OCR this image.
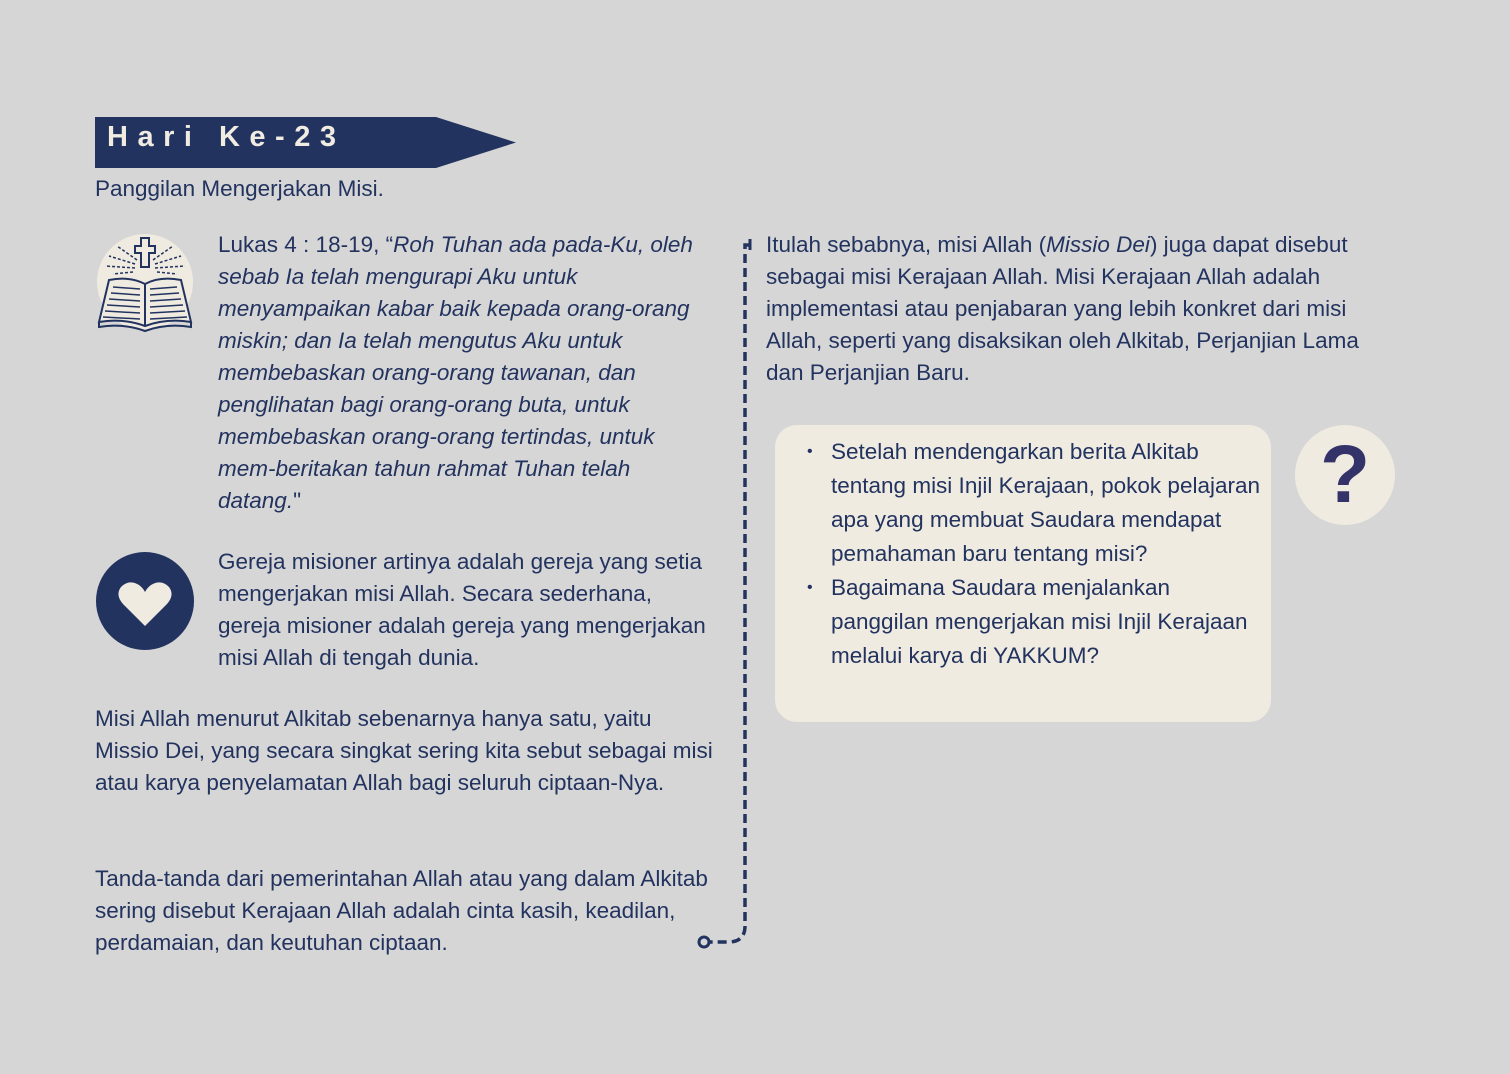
Hari Ke-23
Panggilan Mengerjakan Misi.
Lukas 4 : 18-19, “Roh Tuhan ada pada-Ku, oleh sebab Ia telah mengurapi Aku untuk menyampaikan kabar baik kepada orang-orang miskin; dan Ia telah mengutus Aku untuk membebaskan orang-orang tawanan, dan penglihatan bagi orang-orang buta, untuk membebaskan orang-orang tertindas, untuk mem-beritakan tahun rahmat Tuhan telah datang."
Gereja misioner artinya adalah gereja yang setia mengerjakan misi Allah. Secara sederhana, gereja misioner adalah gereja yang mengerjakan misi Allah di tengah dunia.
Misi Allah menurut Alkitab sebenarnya hanya satu, yaitu Missio Dei, yang secara singkat sering kita sebut sebagai misi atau karya penyelamatan Allah bagi seluruh ciptaan-Nya.
Tanda-tanda dari pemerintahan Allah atau yang dalam Alkitab sering disebut Kerajaan Allah adalah cinta kasih, keadilan, perdamaian, dan keutuhan ciptaan.
Itulah sebabnya, misi Allah (Missio Dei) juga dapat disebut sebagai misi Kerajaan Allah. Misi Kerajaan Allah adalah implementasi atau penjabaran yang lebih konkret dari misi Allah, seperti yang disaksikan oleh Alkitab, Perjanjian Lama dan Perjanjian Baru.
• Setelah mendengarkan berita Alkitab tentang misi Injil Kerajaan, pokok pelajaran apa yang membuat Saudara mendapat pemahaman baru tentang misi?
• Bagaimana Saudara menjalankan panggilan mengerjakan misi Injil Kerajaan melalui karya di YAKKUM?
?
